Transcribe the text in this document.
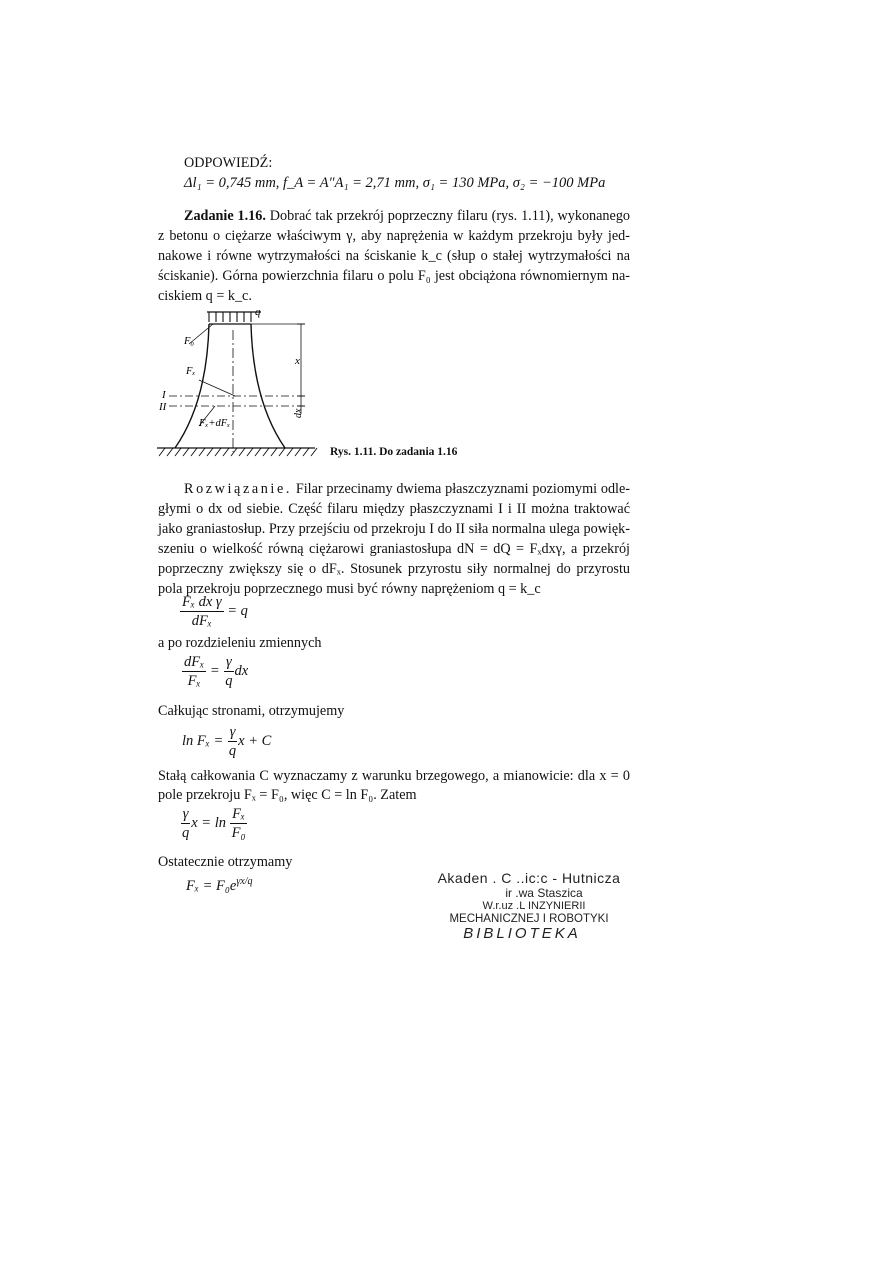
ODPOWIEDŹ:
Δl₁ = 0,745 mm, f_A = A″A₁ = 2,71 mm, σ₁ = 130 MPa, σ₂ = −100 MPa
Zadanie 1.16. Dobrać tak przekrój poprzeczny filaru (rys. 1.11), wykonanego
z betonu o ciężarze właściwym γ, aby naprężenia w każdym przekroju były jed-
nakowe i równe wytrzymałości na ściskanie k_c (słup o stałej wytrzymałości na
ściskanie). Górna powierzchnia filaru o polu F₀ jest obciążona równomiernym na-
ciskiem q = k_c.
q
x
dx
I
II
F₀
Fₓ
Fₓ+dFₓ
Rys. 1.11. Do zadania 1.16
Rozwiązanie. Filar przecinamy dwiema płaszczyznami poziomymi odle-
głymi o dx od siebie. Część filaru między płaszczyznami I i II można traktować
jako graniastosłup. Przy przejściu od przekroju I do II siła normalna ulega powięk-
szeniu o wielkość równą ciężarowi graniastosłupa dN = dQ = Fₓdxγ, a przekrój
poprzeczny zwiększy się o dFₓ. Stosunek przyrostu siły normalnej do przyrostu
pola przekroju poprzecznego musi być równy naprężeniom q = k_c
$\frac{\text{Fₓ dx γ}}{\text{dFₓ}} = q$
a po rozdzieleniu zmiennych
$\frac{\text{dFₓ}}{\text{Fₓ}} = \frac{\gamma}{q}$ dx
Całkując stronami, otrzymujemy
$\ln F_x = \frac{\gamma}{q}$ x + C
Stałą całkowania C wyznaczamy z warunku brzegowego, a mianowicie: dla x = 0
pole przekroju Fₓ = F₀, więc C = ln F₀. Zatem
$\frac{\gamma}{q}$ $x = \ln \frac{\text{Fₓ}}{\text{F₀}}$
Ostatecznie otrzymamy
$F_x = F_0e^{\gamma x/q}$	Akaden . C ..ic:c - Hutnicza
ir .wa Staszica
W.r.uz .L INZYNIERII
MECHANICZNEJ I ROBOTYKI
BIBLIOTEKA
